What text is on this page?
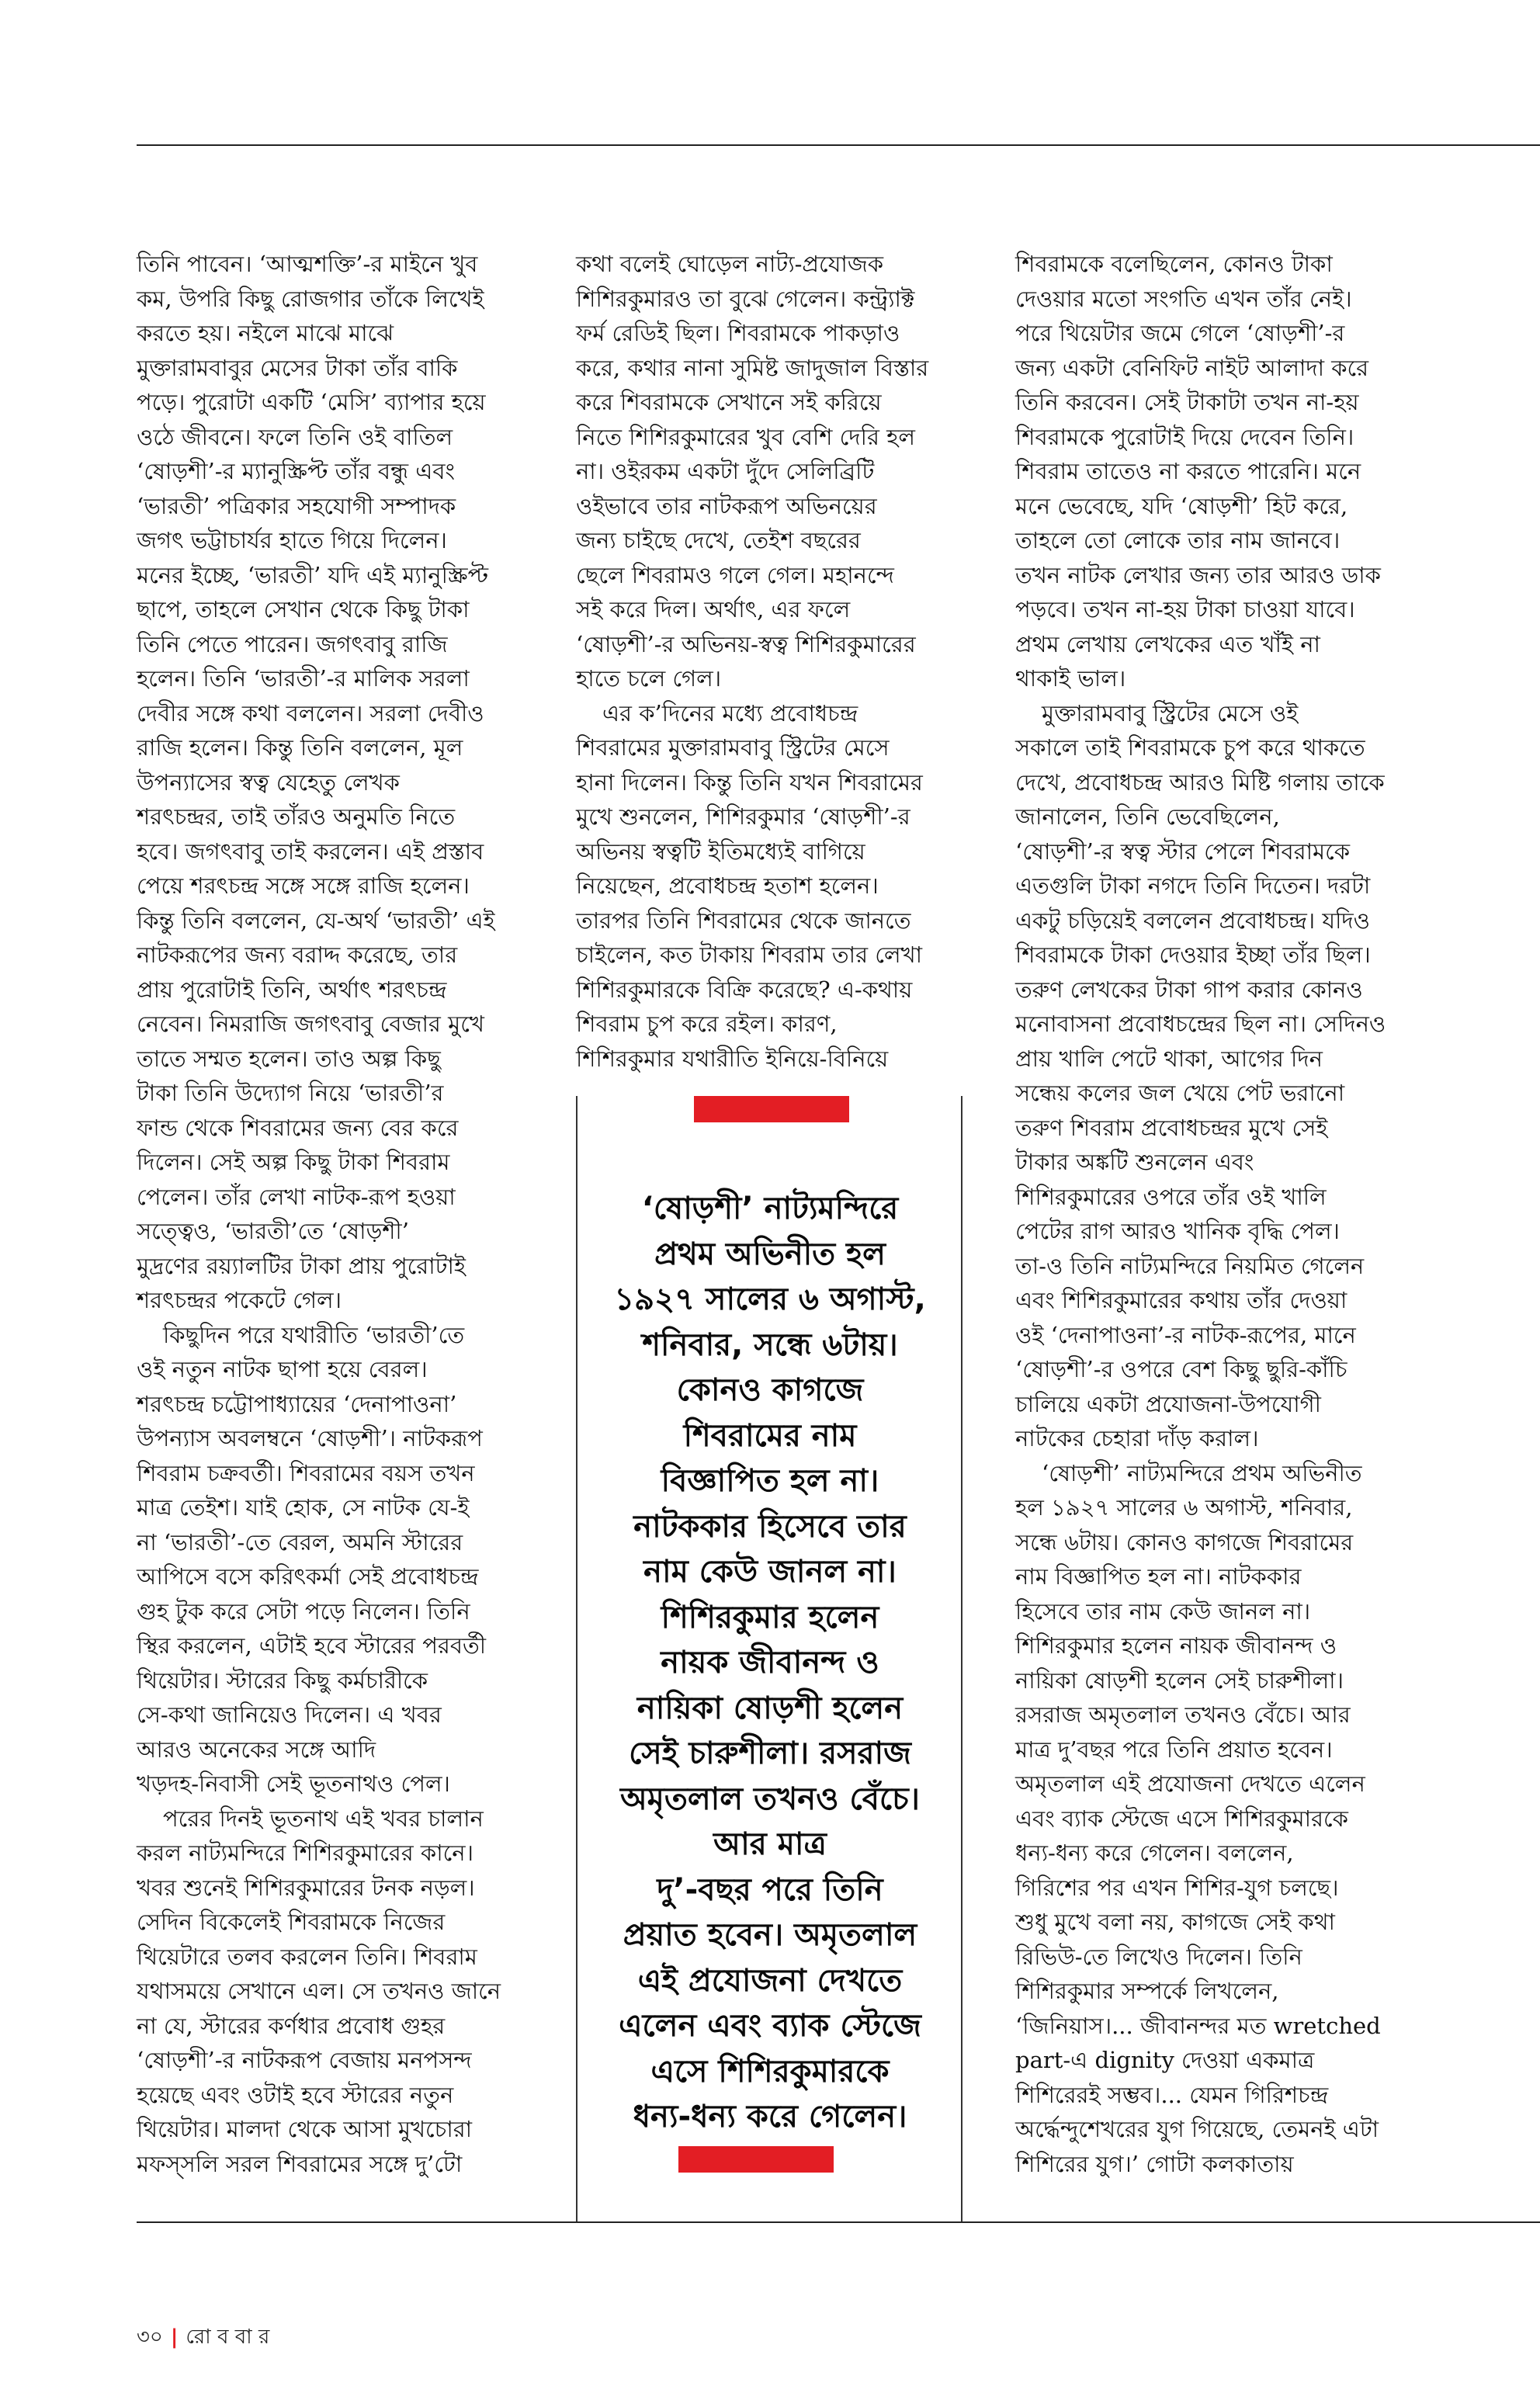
তিনি পাবেন। ‘আত্মশক্তি’-র মাইনে খুব
কম, উপরি কিছু রোজগার তাঁকে লিখেই
করতে হয়। নইলে মাঝে মাঝে
মুক্তারামবাবুর মেসের টাকা তাঁর বাকি
পড়ে। পুরোটা একটি ‘মেসি’ ব্যাপার হয়ে
ওঠে জীবনে। ফলে তিনি ওই বাতিল
‘ষোড়শী’-র ম্যানুস্ক্রিপ্ট তাঁর বন্ধু এবং
‘ভারতী’ পত্রিকার সহযোগী সম্পাদক
জগৎ ভট্টাচার্যর হাতে গিয়ে দিলেন।
মনের ইচ্ছে, ‘ভারতী’ যদি এই ম্যানুস্ক্রিপ্ট
ছাপে, তাহলে সেখান থেকে কিছু টাকা
তিনি পেতে পারেন। জগৎবাবু রাজি
হলেন। তিনি ‘ভারতী’-র মালিক সরলা
দেবীর সঙ্গে কথা বললেন। সরলা দেবীও
রাজি হলেন। কিন্তু তিনি বললেন, মূল
উপন্যাসের স্বত্ব যেহেতু লেখক
শরৎচন্দ্রর, তাই তাঁরও অনুমতি নিতে
হবে। জগৎবাবু তাই করলেন। এই প্রস্তাব
পেয়ে শরৎচন্দ্র সঙ্গে সঙ্গে রাজি হলেন।
কিন্তু তিনি বললেন, যে-অর্থ ‘ভারতী’ এই
নাটকরূপের জন্য বরাদ্দ করেছে, তার
প্রায় পুরোটাই তিনি, অর্থাৎ শরৎচন্দ্র
নেবেন। নিমরাজি জগৎবাবু বেজার মুখে
তাতে সম্মত হলেন। তাও অল্প কিছু
টাকা তিনি উদ্যোগ নিয়ে ‘ভারতী’র
ফান্ড থেকে শিবরামের জন্য বের করে
দিলেন। সেই অল্প কিছু টাকা শিবরাম
পেলেন। তাঁর লেখা নাটক-রূপ হওয়া
সত্ত্বেও, ‘ভারতী’তে ‘ষোড়শী’
মুদ্রণের রয়্যালটির টাকা প্রায় পুরোটাই
শরৎচন্দ্রর পকেটে গেল।
কিছুদিন পরে যথারীতি ‘ভারতী’তে
ওই নতুন নাটক ছাপা হয়ে বেরল।
শরৎচন্দ্র চট্টোপাধ্যায়ের ‘দেনাপাওনা’
উপন্যাস অবলম্বনে ‘ষোড়শী’। নাটকরূপ
শিবরাম চক্রবর্তী। শিবরামের বয়স তখন
মাত্র তেইশ। যাই হোক, সে নাটক যে-ই
না ‘ভারতী’-তে বেরল, অমনি স্টারের
আপিসে বসে করিৎকর্মা সেই প্রবোধচন্দ্র
গুহ টুক করে সেটা পড়ে নিলেন। তিনি
স্থির করলেন, এটাই হবে স্টারের পরবর্তী
থিয়েটার। স্টারের কিছু কর্মচারীকে
সে-কথা জানিয়েও দিলেন। এ খবর
আরও অনেকের সঙ্গে আদি
খড়দহ-নিবাসী সেই ভূতনাথও পেল।
পরের দিনই ভূতনাথ এই খবর চালান
করল নাট্যমন্দিরে শিশিরকুমারের কানে।
খবর শুনেই শিশিরকুমারের টনক নড়ল।
সেদিন বিকেলেই শিবরামকে নিজের
থিয়েটারে তলব করলেন তিনি। শিবরাম
যথাসময়ে সেখানে এল। সে তখনও জানে
না যে, স্টারের কর্ণধার প্রবোধ গুহর
‘ষোড়শী’-র নাটকরূপ বেজায় মনপসন্দ
হয়েছে এবং ওটাই হবে স্টারের নতুন
থিয়েটার। মালদা থেকে আসা মুখচোরা
মফস্সলি সরল শিবরামের সঙ্গে দু’টো
কথা বলেই ঘোড়েল নাট্য-প্রযোজক
শিশিরকুমারও তা বুঝে গেলেন। কন্ট্র্যাক্ট
ফর্ম রেডিই ছিল। শিবরামকে পাকড়াও
করে, কথার নানা সুমিষ্ট জাদুজাল বিস্তার
করে শিবরামকে সেখানে সই করিয়ে
নিতে শিশিরকুমারের খুব বেশি দেরি হল
না। ওইরকম একটা দুঁদে সেলিব্রিটি
ওইভাবে তার নাটকরূপ অভিনয়ের
জন্য চাইছে দেখে, তেইশ বছরের
ছেলে শিবরামও গলে গেল। মহানন্দে
সই করে দিল। অর্থাৎ, এর ফলে
‘ষোড়শী’-র অভিনয়-স্বত্ব শিশিরকুমারের
হাতে চলে গেল।
এর ক’দিনের মধ্যে প্রবোধচন্দ্র
শিবরামের মুক্তারামবাবু স্ট্রিটের মেসে
হানা দিলেন। কিন্তু তিনি যখন শিবরামের
মুখে শুনলেন, শিশিরকুমার ‘ষোড়শী’-র
অভিনয় স্বত্বটি ইতিমধ্যেই বাগিয়ে
নিয়েছেন, প্রবোধচন্দ্র হতাশ হলেন।
তারপর তিনি শিবরামের থেকে জানতে
চাইলেন, কত টাকায় শিবরাম তার লেখা
শিশিরকুমারকে বিক্রি করেছে? এ-কথায়
শিবরাম চুপ করে রইল। কারণ,
শিশিরকুমার যথারীতি ইনিয়ে-বিনিয়ে
শিবরামকে বলেছিলেন, কোনও টাকা
দেওয়ার মতো সংগতি এখন তাঁর নেই।
পরে থিয়েটার জমে গেলে ‘ষোড়শী’-র
জন্য একটা বেনিফিট নাইট আলাদা করে
তিনি করবেন। সেই টাকাটা তখন না-হয়
শিবরামকে পুরোটাই দিয়ে দেবেন তিনি।
শিবরাম তাতেও না করতে পারেনি। মনে
মনে ভেবেছে, যদি ‘ষোড়শী’ হিট করে,
তাহলে তো লোকে তার নাম জানবে।
তখন নাটক লেখার জন্য তার আরও ডাক
পড়বে। তখন না-হয় টাকা চাওয়া যাবে।
প্রথম লেখায় লেখকের এত খাঁই না
থাকাই ভাল।
মুক্তারামবাবু স্ট্রিটের মেসে ওই
সকালে তাই শিবরামকে চুপ করে থাকতে
দেখে, প্রবোধচন্দ্র আরও মিষ্টি গলায় তাকে
জানালেন, তিনি ভেবেছিলেন,
‘ষোড়শী’-র স্বত্ব স্টার পেলে শিবরামকে
এতগুলি টাকা নগদে তিনি দিতেন। দরটা
একটু চড়িয়েই বললেন প্রবোধচন্দ্র। যদিও
শিবরামকে টাকা দেওয়ার ইচ্ছা তাঁর ছিল।
তরুণ লেখকের টাকা গাপ করার কোনও
মনোবাসনা প্রবোধচন্দ্রের ছিল না। সেদিনও
প্রায় খালি পেটে থাকা, আগের দিন
সন্ধেয় কলের জল খেয়ে পেট ভরানো
তরুণ শিবরাম প্রবোধচন্দ্রর মুখে সেই
টাকার অঙ্কটি শুনলেন এবং
শিশিরকুমারের ওপরে তাঁর ওই খালি
পেটের রাগ আরও খানিক বৃদ্ধি পেল।
তা-ও তিনি নাট্যমন্দিরে নিয়মিত গেলেন
এবং শিশিরকুমারের কথায় তাঁর দেওয়া
ওই ‘দেনাপাওনা’-র নাটক-রূপের, মানে
‘ষোড়শী’-র ওপরে বেশ কিছু ছুরি-কাঁচি
চালিয়ে একটা প্রযোজনা-উপযোগী
নাটকের চেহারা দাঁড় করাল।
‘ষোড়শী’ নাট্যমন্দিরে প্রথম অভিনীত
হল ১৯২৭ সালের ৬ অগাস্ট, শনিবার,
সন্ধে ৬টায়। কোনও কাগজে শিবরামের
নাম বিজ্ঞাপিত হল না। নাটককার
হিসেবে তার নাম কেউ জানল না।
শিশিরকুমার হলেন নায়ক জীবানন্দ ও
নায়িকা ষোড়শী হলেন সেই চারুশীলা।
রসরাজ অমৃতলাল তখনও বেঁচে। আর
মাত্র দু’বছর পরে তিনি প্রয়াত হবেন।
অমৃতলাল এই প্রযোজনা দেখতে এলেন
এবং ব্যাক স্টেজে এসে শিশিরকুমারকে
ধন্য-ধন্য করে গেলেন। বললেন,
গিরিশের পর এখন শিশির-যুগ চলছে।
শুধু মুখে বলা নয়, কাগজে সেই কথা
রিভিউ-তে লিখেও দিলেন। তিনি
শিশিরকুমার সম্পর্কে লিখলেন,
‘জিনিয়াস।... জীবানন্দর মত wretched
part-এ dignity দেওয়া একমাত্র
শিশিরেরই সম্ভব।... যেমন গিরিশচন্দ্র
অর্দ্ধেন্দুশেখরের যুগ গিয়েছে, তেমনই এটা
শিশিরের যুগ।’ গোটা কলকাতায়
‘ষোড়শী’ নাট্যমন্দিরে
প্রথম অভিনীত হল
১৯২৭ সালের ৬ অগাস্ট,
শনিবার, সন্ধে ৬টায়।
কোনও কাগজে
শিবরামের নাম
বিজ্ঞাপিত হল না।
নাটককার হিসেবে তার
নাম কেউ জানল না।
শিশিরকুমার হলেন
নায়ক জীবানন্দ ও
নায়িকা ষোড়শী হলেন
সেই চারুশীলা। রসরাজ
অমৃতলাল তখনও বেঁচে।
আর মাত্র
দু’-বছর পরে তিনি
প্রয়াত হবেন। অমৃতলাল
এই প্রযোজনা দেখতে
এলেন এবং ব্যাক স্টেজে
এসে শিশিরকুমারকে
ধন্য-ধন্য করে গেলেন।
৩০ | রো ব বা র
